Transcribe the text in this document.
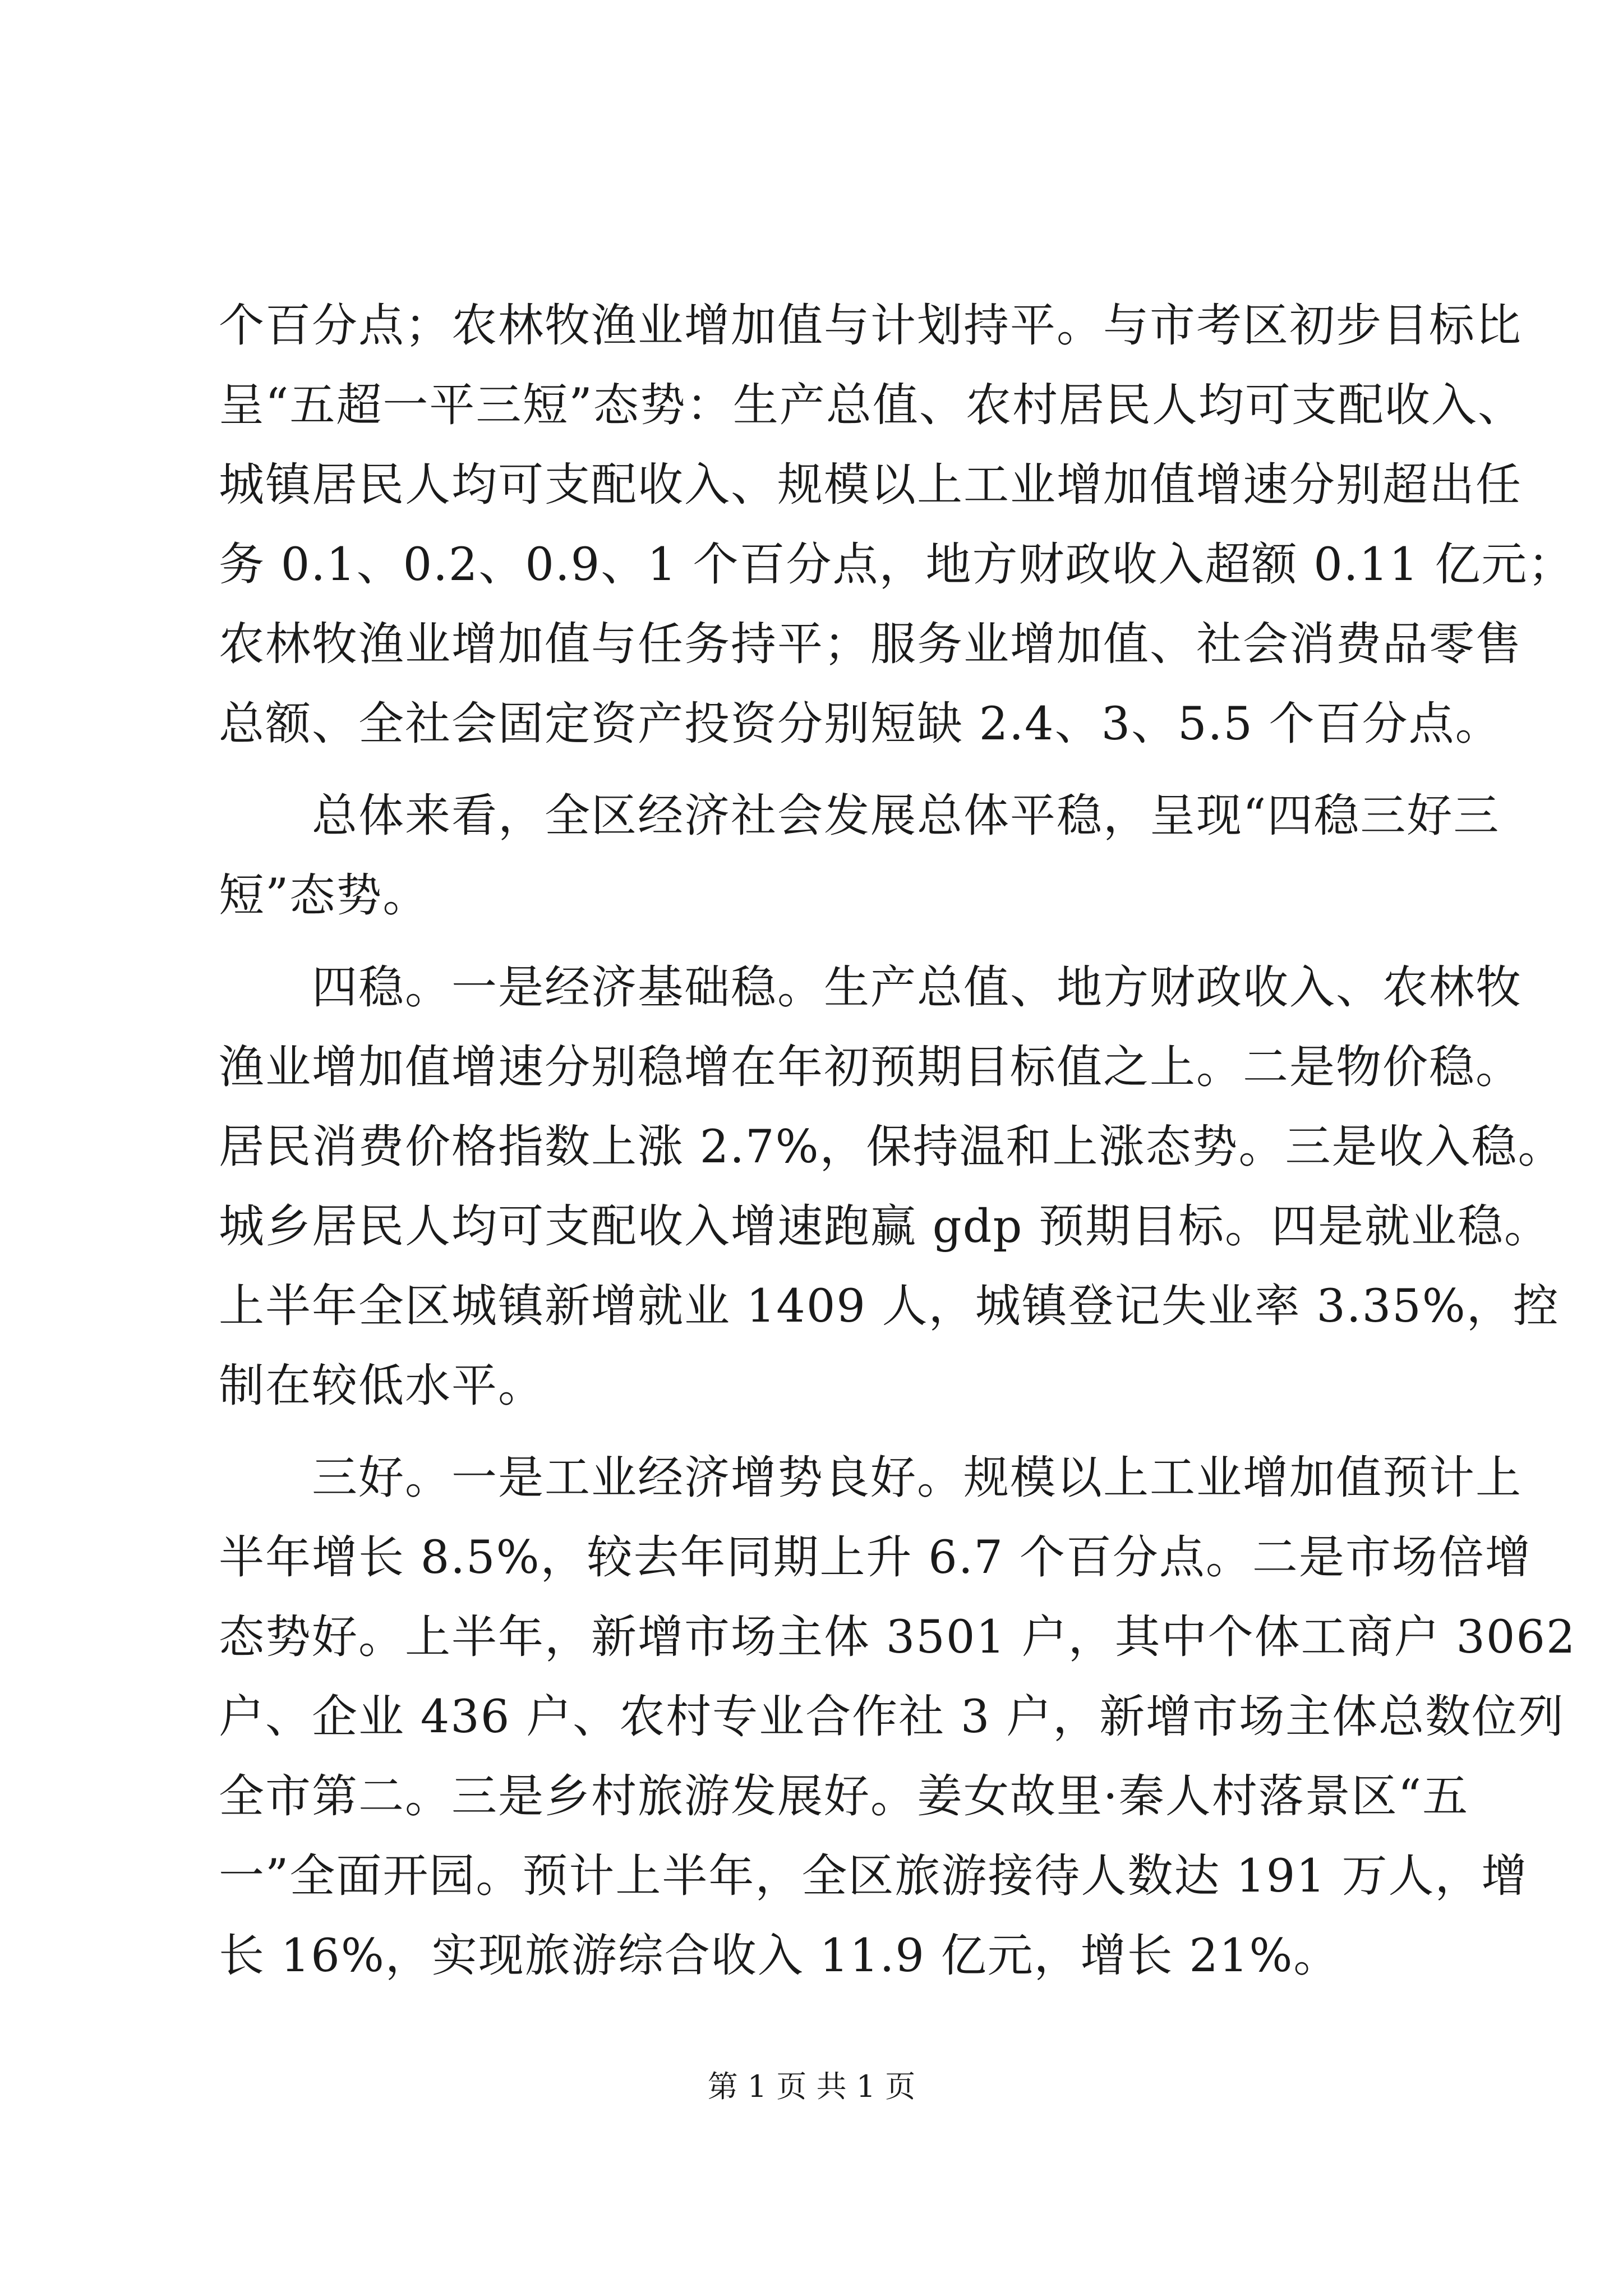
个百分点；农林牧渔业增加值与计划持平。与市考区初步目标比
呈“五超一平三短”态势：生产总值、农村居民人均可支配收入、
城镇居民人均可支配收入、规模以上工业增加值增速分别超出任
务 0.1、0.2、0.9、1 个百分点，地方财政收入超额 0.11 亿元；
农林牧渔业增加值与任务持平；服务业增加值、社会消费品零售
总额、全社会固定资产投资分别短缺 2.4、3、5.5 个百分点。
　　总体来看，全区经济社会发展总体平稳，呈现“四稳三好三
短”态势。
　　四稳。一是经济基础稳。生产总值、地方财政收入、农林牧
渔业增加值增速分别稳增在年初预期目标值之上。二是物价稳。
居民消费价格指数上涨 2.7%，保持温和上涨态势。三是收入稳。
城乡居民人均可支配收入增速跑赢 gdp 预期目标。四是就业稳。
上半年全区城镇新增就业 1409 人，城镇登记失业率 3.35%，控
制在较低水平。
　　三好。一是工业经济增势良好。规模以上工业增加值预计上
半年增长 8.5%，较去年同期上升 6.7 个百分点。二是市场倍增
态势好。上半年，新增市场主体 3501 户，其中个体工商户 3062
户、企业 436 户、农村专业合作社 3 户，新增市场主体总数位列
全市第二。三是乡村旅游发展好。姜女故里·秦人村落景区“五
一”全面开园。预计上半年，全区旅游接待人数达 191 万人，增
长 16%，实现旅游综合收入 11.9 亿元，增长 21%。
第 1 页 共 1 页
